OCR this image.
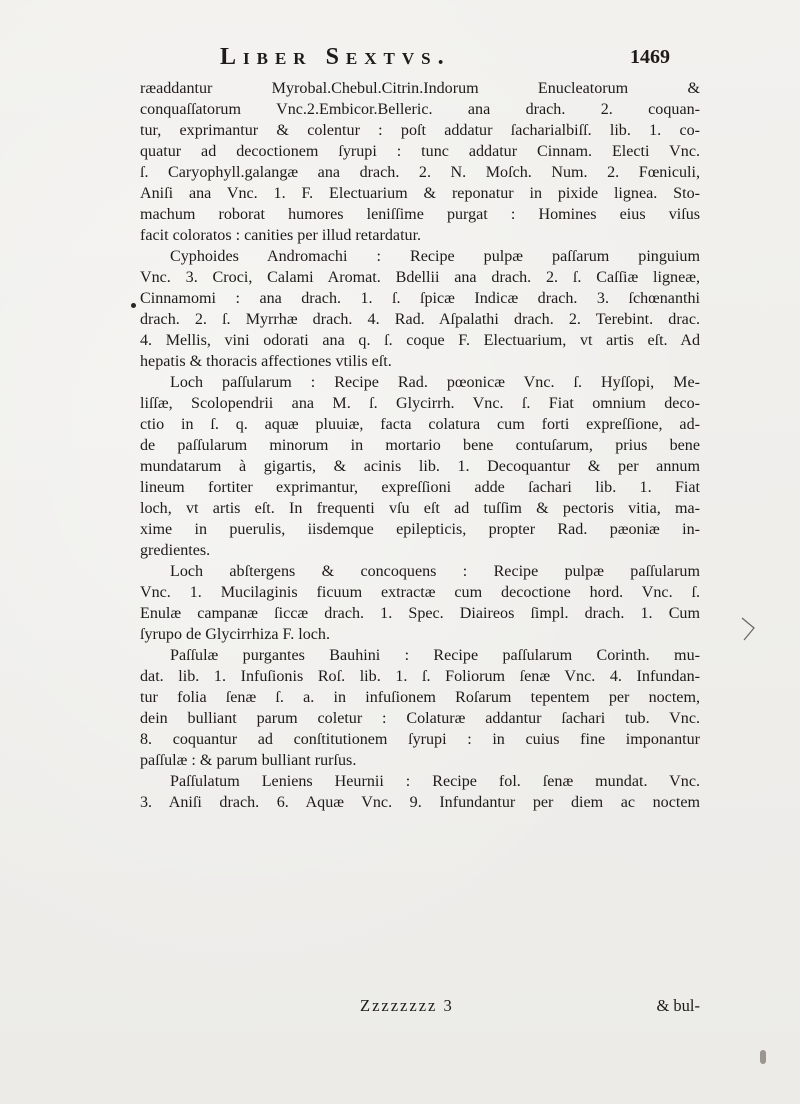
Liber Sextvs.	1469
ræaddantur Myrobal.Chebul.Citrin.Indorum Enucleatorum &
conquaſſatorum Vnc.2.Embicor.Belleric. ana drach. 2. coquan-
tur, exprimantur & colentur : poſt addatur ſacharialbiſſ. lib. 1. co-
quatur ad decoctionem ſyrupi : tunc addatur Cinnam. Electi Vnc.
ſ. Caryophyll.galangæ ana drach. 2. N. Moſch. Num. 2. Fœniculi,
Aniſi ana Vnc. 1. F. Electuarium & reponatur in pixide lignea. Sto-
machum roborat humores leniſſime purgat : Homines eius viſus
facit coloratos : canities per illud retardatur.
Cyphoides Andromachi : Recipe pulpæ paſſarum pinguium
Vnc. 3. Croci, Calami Aromat. Bdellii ana drach. 2. ſ. Caſſiæ ligneæ,
Cinnamomi : ana drach. 1. ſ. ſpicæ Indicæ drach. 3. ſchœnanthi
drach. 2. ſ. Myrrhæ drach. 4. Rad. Aſpalathi drach. 2. Terebint. drac.
4. Mellis, vini odorati ana q. ſ. coque F. Electuarium, vt artis eſt. Ad
hepatis & thoracis affectiones vtilis eſt.
Loch paſſularum : Recipe Rad. pœonicæ Vnc. ſ. Hyſſopi, Me-
liſſæ, Scolopendrii ana M. ſ. Glycirrh. Vnc. ſ. Fiat omnium deco-
ctio in ſ. q. aquæ pluuiæ, facta colatura cum forti expreſſione, ad-
de paſſularum minorum in mortario bene contuſarum, prius bene
mundatarum à gigartis, & acinis lib. 1. Decoquantur & per annum
lineum fortiter exprimantur, expreſſioni adde ſachari lib. 1. Fiat
loch, vt artis eſt. In frequenti vſu eſt ad tuſſim & pectoris vitia, ma-
xime in puerulis, iisdemque epilepticis, propter Rad. pæoniæ in-
gredientes.
Loch abſtergens & concoquens : Recipe pulpæ paſſularum
Vnc. 1. Mucilaginis ficuum extractæ cum decoctione hord. Vnc. ſ.
Enulæ campanæ ſiccæ drach. 1. Spec. Diaireos ſimpl. drach. 1. Cum
ſyrupo de Glycirrhiza F. loch.
Paſſulæ purgantes Bauhini : Recipe paſſularum Corinth. mu-
dat. lib. 1. Infuſionis Roſ. lib. 1. ſ. Foliorum ſenæ Vnc. 4. Infundan-
tur folia ſenæ ſ. a. in infuſionem Roſarum tepentem per noctem,
dein bulliant parum coletur : Colaturæ addantur ſachari tub. Vnc.
8. coquantur ad conſtitutionem ſyrupi : in cuius fine imponantur
paſſulæ : & parum bulliant rurſus.
Paſſulatum Leniens Heurnii : Recipe fol. ſenæ mundat. Vnc.
3. Aniſi drach. 6. Aquæ Vnc. 9. Infundantur per diem ac noctem
Zzzzzzzz 3	& bul-
